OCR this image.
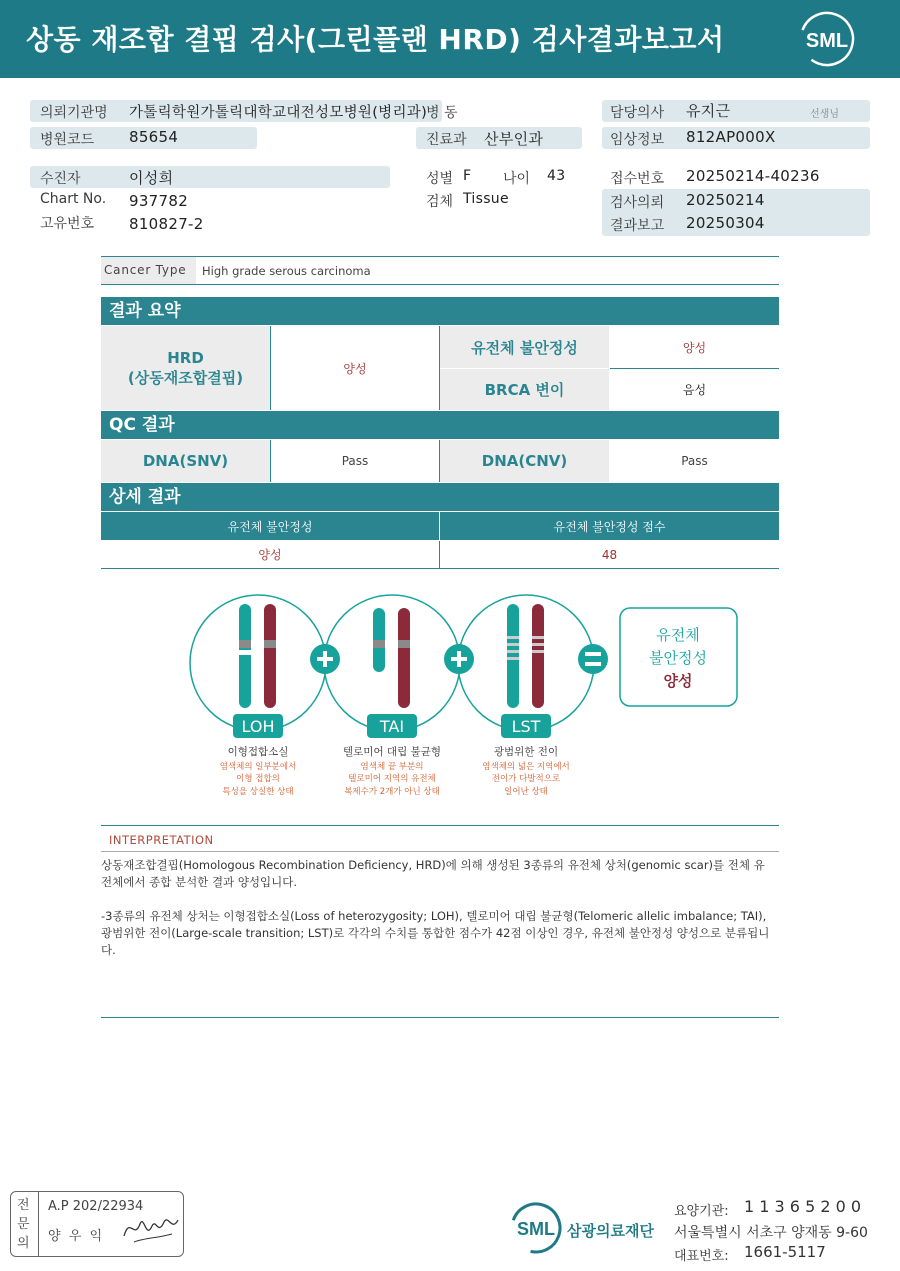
상동 재조합 결핍 검사(그린플랜 HRD) 검사결과보고서	SML
의뢰기관명 가톨릭학원가톨릭대학교대전성모병원(병리과)
병 동	담당의사 유지근	선생님
병원코드 85654	진료과 산부인과	임상정보 812AP000X
수진자	이성희	성별 F 나이 43	접수번호 20250214-40236
Chart No. 937782	검체 Tissue	검사의뢰 20250214
고유번호 810827-2	결과보고 20250304
Cancer Type High grade serous carcinoma
결과 요약
HRD
(상동재조합결핍)	양성
유전체 불안정성	양성
BRCA 변이	음성
QC 결과
DNA(SNV)	Pass	DNA(CNV)	Pass
상세 결과
유전체 불안정성	유전체 불안정성 점수
양성	48
유전체
불안정성
양성
LOH	TAI	LST
이형접합소실
염색체의 일부분에서
이형 접합의
특성을 상실한 상태
텔로미어 대립 불균형
염색체 끝 부분의
텔로미어 지역의 유전체
복제수가 2개가 아닌 상태
광범위한 전이
염색체의 넓은 지역에서
전이가 다발적으로
일어난 상태
INTERPRETATION
상동재조합결핍(Homologous Recombination Deficiency, HRD)에 의해 생성된 3종류의 유전체 상처(genomic scar)를 전체 유전체에서 종합 분석한 결과 양성입니다.
-3종류의 유전체 상처는 이형접합소실(Loss of heterozygosity; LOH), 텔로미어 대립 불균형(Telomeric allelic imbalance; TAI), 광범위한 전이(Large-scale transition; LST)로 각각의 수치를 통합한 점수가 42점 이상인 경우, 유전체 불안정성 양성으로 분류됩니다.
전
문
의
A.P 202/22934
양  우  익	SML 삼광의료재단
요양기관: 1 1 3 6 5 2 0 0
서울특별시 서초구 양재동 9-60
대표번호: 1661-5117
